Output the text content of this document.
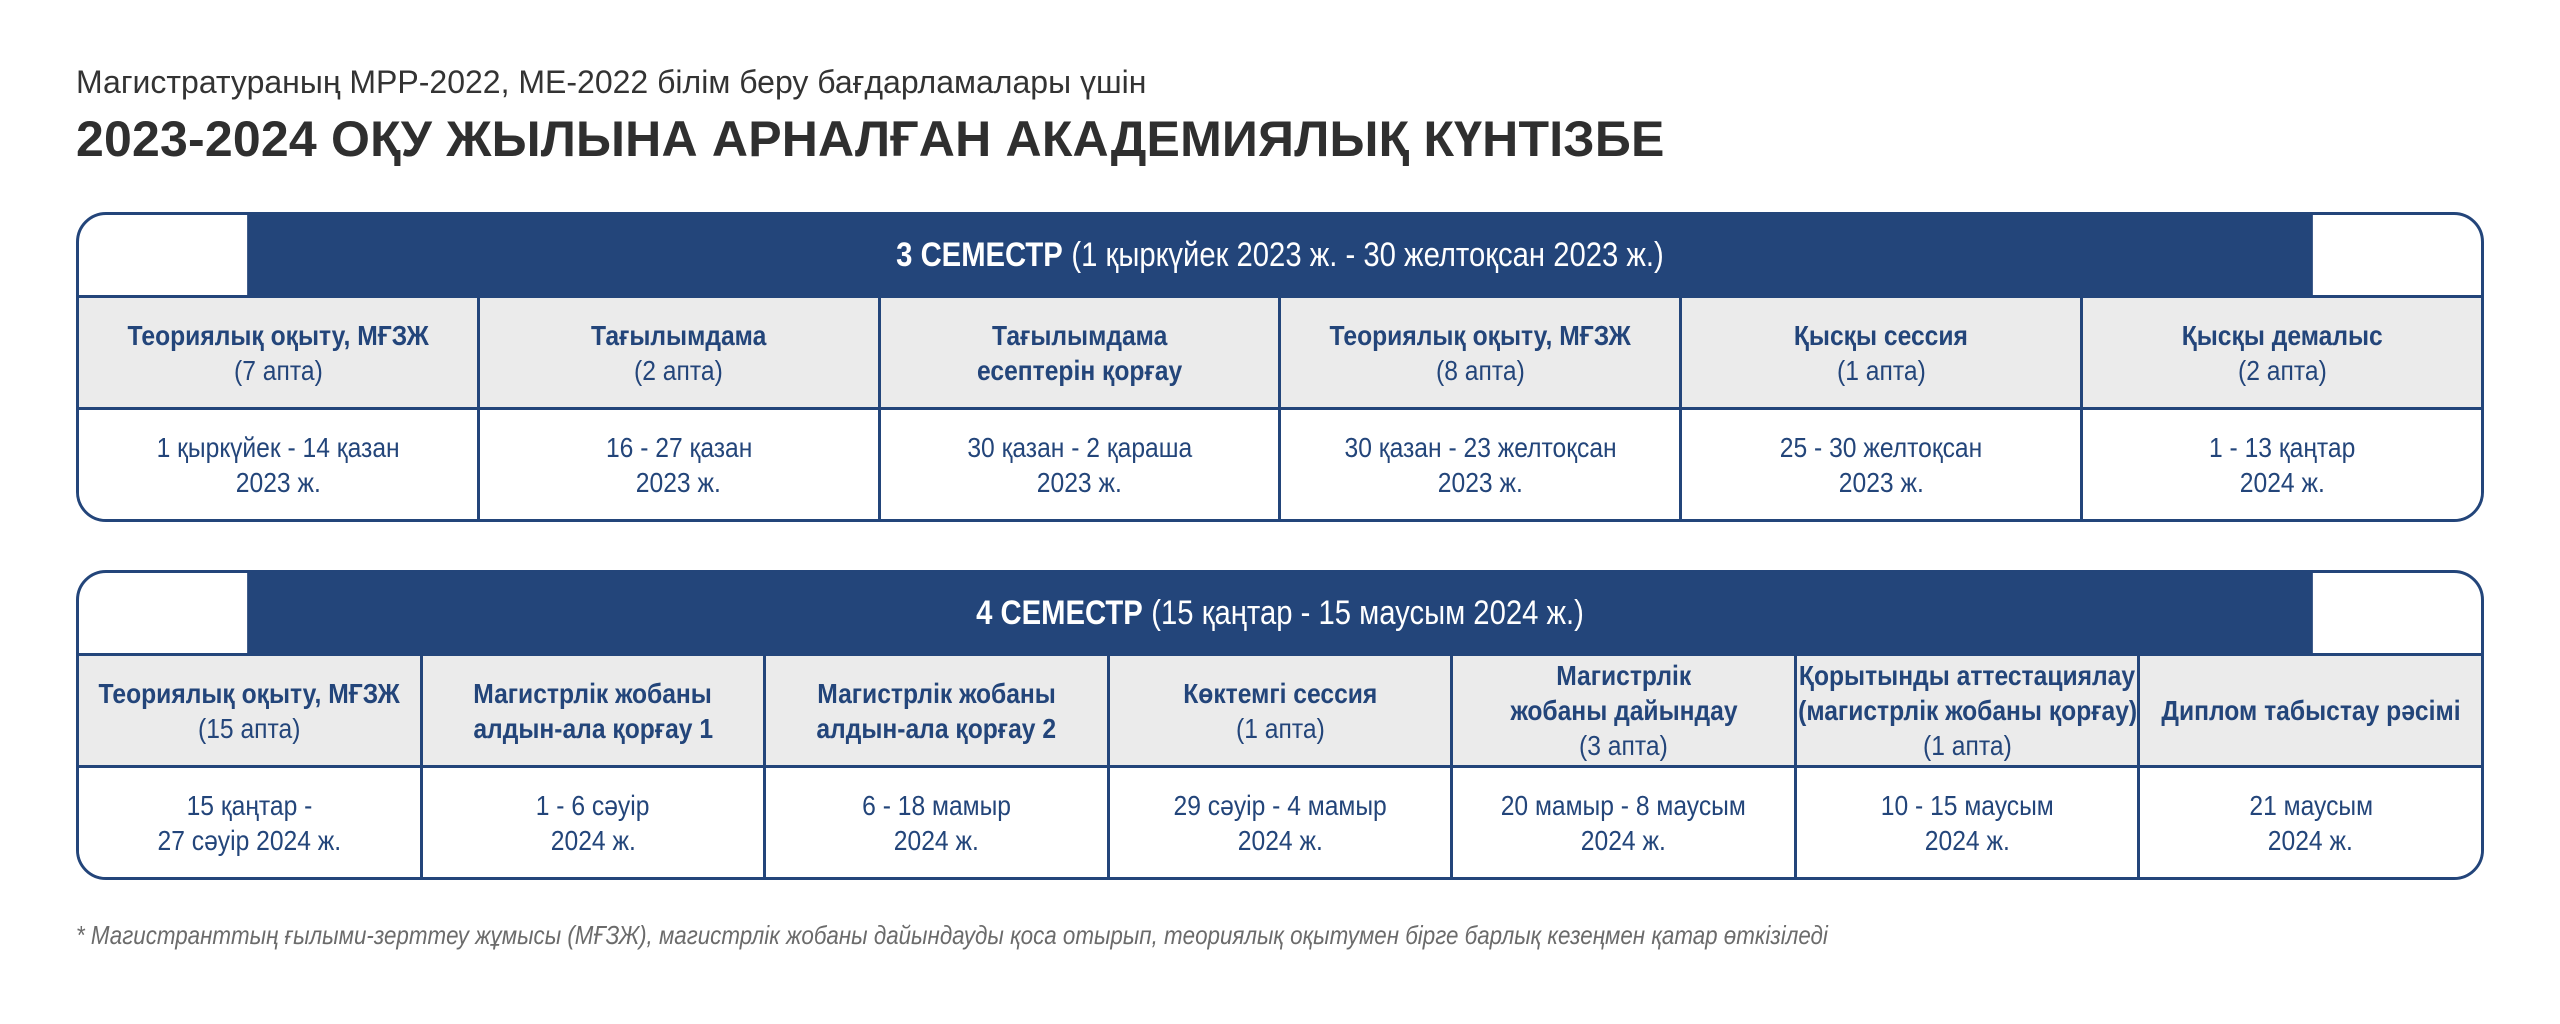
Магистратураның МРР-2022, МЕ-2022 білім беру бағдарламалары үшін
2023-2024 ОҚУ ЖЫЛЫНА АРНАЛҒАН АКАДЕМИЯЛЫҚ КҮНТІЗБЕ
3 СЕМЕСТР (1 қыркүйек 2023 ж. - 30 желтоқсан 2023 ж.)
Теориялық оқыту, МҒЗЖ
(7 апта)
Тағылымдама
(2 апта)
Тағылымдама
есептерін қорғау
Теориялық оқыту, МҒЗЖ
(8 апта)
Қысқы сессия
(1 апта)
Қысқы демалыс
(2 апта)
1 қыркүйек - 14 қазан
2023 ж.
16 - 27 қазан
2023 ж.
30 қазан - 2 қараша
2023 ж.
30 қазан - 23 желтоқсан
2023 ж.
25 - 30 желтоқсан
2023 ж.
1 - 13 қаңтар
2024 ж.
4 СЕМЕСТР (15 қаңтар - 15 маусым 2024 ж.)
Теориялық оқыту, МҒЗЖ
(15 апта)
Магистрлік жобаны
алдын-ала қорғау 1
Магистрлік жобаны
алдын-ала қорғау 2
Көктемгі сессия
(1 апта)
Магистрлік
жобаны дайындау
(3 апта)
Қорытынды аттестациялау
(магистрлік жобаны қорғау)
(1 апта)
Диплом табыстау рәсімі
15 қаңтар -
27 сәуір 2024 ж.
1 - 6 сәуір
2024 ж.
6 - 18 мамыр
2024 ж.
29 сәуір - 4 мамыр
2024 ж.
20 мамыр - 8 маусым
2024 ж.
10 - 15 маусым
2024 ж.
21 маусым
2024 ж.
* Магистранттың ғылыми-зерттеу жұмысы (МҒЗЖ), магистрлік жобаны дайындауды қоса отырып, теориялық оқытумен бірге барлық кезеңмен қатар өткізіледі
